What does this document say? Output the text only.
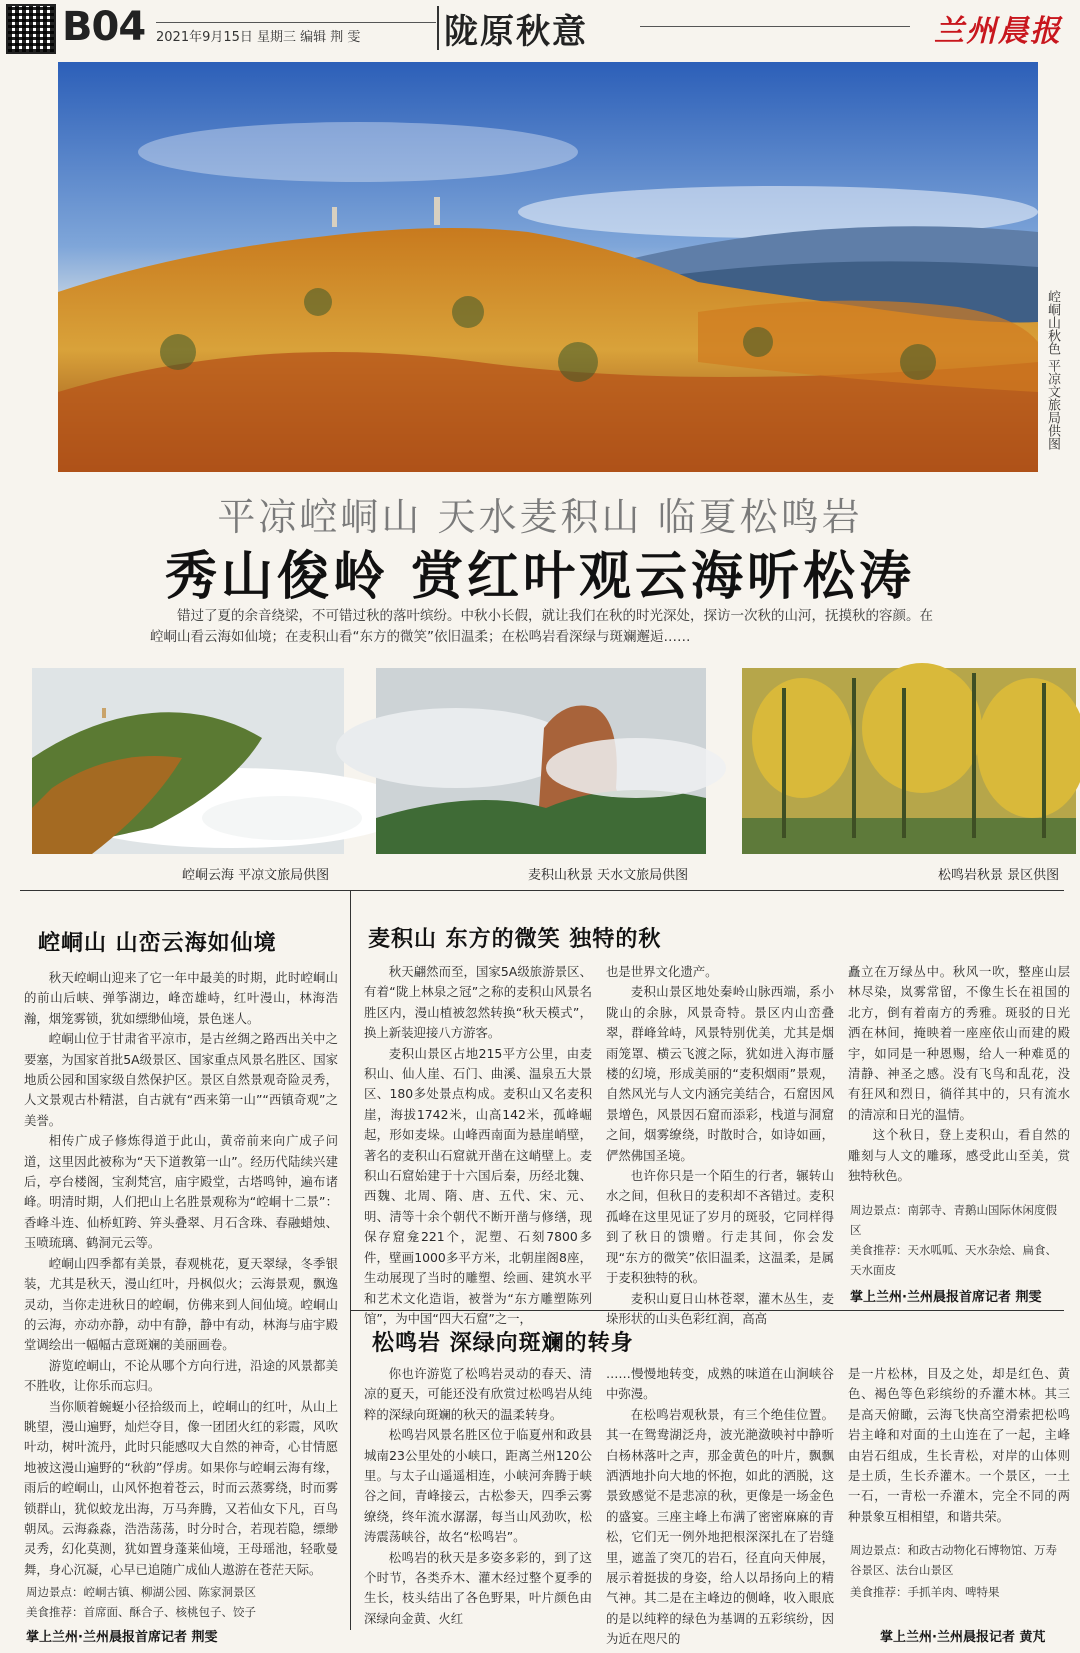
B04 2021年9月15日 星期三 编辑 荆 雯 陇原秋意	兰州晨报
崆峒山秋色 平凉文旅局供图
平凉崆峒山 天水麦积山 临夏松鸣岩
秀山俊岭 赏红叶观云海听松涛
错过了夏的余音绕梁，不可错过秋的落叶缤纷。中秋小长假，就让我们在秋的时光深处，探访一次秋的山河，抚摸秋的容颜。在崆峒山看云海如仙境；在麦积山看“东方的微笑”依旧温柔；在松鸣岩看深绿与斑斓邂逅……
崆峒云海 平凉文旅局供图	麦积山秋景 天水文旅局供图	松鸣岩秋景 景区供图
崆峒山 山峦云海如仙境

秋天崆峒山迎来了它一年中最美的时期，此时崆峒山的前山后峡、弹筝湖边，峰峦雄峙，红叶漫山，林海浩瀚，烟笼雾锁，犹如缥缈仙境，景色迷人。

崆峒山位于甘肃省平凉市，是古丝绸之路西出关中之要塞，为国家首批5A级景区、国家重点风景名胜区、国家地质公园和国家级自然保护区。景区自然景观奇险灵秀，人文景观古朴精湛，自古就有“西来第一山”“西镇奇观”之美誉。

相传广成子修炼得道于此山，黄帝前来向广成子问道，这里因此被称为“天下道教第一山”。经历代陆续兴建后，亭台楼阁，宝刹梵宫，庙宇殿堂，古塔鸣钟，遍布诸峰。明清时期，人们把山上名胜景观称为“崆峒十二景”：香峰斗连、仙桥虹跨、笄头叠翠、月石含珠、春融蜡烛、玉喷琉璃、鹤洞元云等。

崆峒山四季都有美景，春观桃花，夏天翠绿，冬季银装，尤其是秋天，漫山红叶，丹枫似火；云海景观，飘逸灵动，当你走进秋日的崆峒，仿佛来到人间仙境。崆峒山的云海，亦动亦静，动中有静，静中有动，林海与庙宇殿堂调绘出一幅幅古意斑斓的美丽画卷。

游览崆峒山，不论从哪个方向行进，沿途的风景都美不胜收，让你乐而忘归。

当你顺着蜿蜒小径拾级而上，崆峒山的红叶，从山上眺望，漫山遍野，灿烂夺目，像一团团火红的彩霞，风吹叶动，树叶流丹，此时只能感叹大自然的神奇，心甘情愿地被这漫山遍野的“秋韵”俘虏。如果你与崆峒云海有缘，雨后的崆峒山，山风怀抱着苍云，时而云蒸雾绕，时而雾锁群山，犹似蛟龙出海，万马奔腾，又若仙女下凡，百鸟朝凤。云海淼淼，浩浩荡荡，时分时合，若现若隐，缥缈灵秀，幻化莫测，犹如置身蓬莱仙境，王母瑶池，轻歌曼舞，身心沉凝，心早已追随广成仙人遨游在苍茫天际。

周边景点：崆峒古镇、柳湖公园、陈家洞景区
美食推荐：首席面、酥合子、核桃包子、饺子
掌上兰州·兰州晨报首席记者 荆雯
麦积山 东方的微笑 独特的秋

秋天翩然而至，国家5A级旅游景区、有着“陇上林泉之冠”之称的麦积山风景名胜区内，漫山植被忽然转换“秋天模式”，换上新装迎接八方游客。

麦积山景区占地215平方公里，由麦积山、仙人崖、石门、曲溪、温泉五大景区、180多处景点构成。麦积山又名麦积崖，海拔1742米，山高142米，孤峰崛起，形如麦垛。山峰西南面为悬崖峭壁，著名的麦积山石窟就开凿在这峭壁上。麦积山石窟始建于十六国后秦，历经北魏、西魏、北周、隋、唐、五代、宋、元、明、清等十余个朝代不断开凿与修缮，现保存窟龛221个，泥塑、石刻7800多件，壁画1000多平方米，北朝崖阁8座，生动展现了当时的雕塑、绘画、建筑水平和艺术文化造诣，被誉为“东方雕塑陈列馆”，为中国“四大石窟”之一，

也是世界文化遗产。

麦积山景区地处秦岭山脉西端，系小陇山的余脉，风景奇特。景区内山峦叠翠，群峰耸峙，风景特别优美，尤其是烟雨笼罩、横云飞渡之际，犹如进入海市蜃楼的幻境，形成美丽的“麦积烟雨”景观，自然风光与人文内涵完美结合，石窟因风景增色，风景因石窟而添彩，栈道与洞窟之间，烟雾缭绕，时散时合，如诗如画，俨然佛国圣境。

也许你只是一个陌生的行者，辗转山水之间，但秋日的麦积却不吝错过。麦积孤峰在这里见证了岁月的斑驳，它同样得到了秋日的馈赠。行走其间，你会发现“东方的微笑”依旧温柔，这温柔，是属于麦积独特的秋。

麦积山夏日山林苍翠，灌木丛生，麦垛形状的山头色彩红润，高高

矗立在万绿丛中。秋风一吹，整座山层林尽染，岚雾常留，不像生长在祖国的北方，倒有着南方的秀雅。斑驳的日光洒在林间，掩映着一座座依山而建的殿宇，如同是一种恩赐，给人一种难觅的清静、神圣之感。没有飞鸟和乱花，没有狂风和烈日，徜徉其中的，只有流水的清凉和日光的温情。

这个秋日，登上麦积山，看自然的雕刻与人文的雕琢，感受此山至美，赏独特秋色。

周边景点：南郭寺、青鹅山国际休闲度假区
美食推荐：天水呱呱、天水杂烩、扁食、天水面皮
掌上兰州·兰州晨报首席记者 荆雯
松鸣岩 深绿向斑斓的转身

你也许游览了松鸣岩灵动的春天、清凉的夏天，可能还没有欣赏过松鸣岩从纯粹的深绿向斑斓的秋天的温柔转身。

松鸣岩风景名胜区位于临夏州和政县城南23公里处的小峡口，距离兰州120公里。与太子山遥遥相连，小峡河奔腾于峡谷之间，青峰接云，古松参天，四季云雾缭绕，终年流水潺潺，每当山风劲吹，松涛震荡峡谷，故名“松鸣岩”。

松鸣岩的秋天是多姿多彩的，到了这个时节，各类乔木、灌木经过整个夏季的生长，枝头结出了各色野果，叶片颜色由深绿向金黄、火红

……慢慢地转变，成熟的味道在山涧峡谷中弥漫。

在松鸣岩观秋景，有三个绝佳位置。其一在鸳鸯湖泛舟，波光滟潋映衬中静听白杨林落叶之声，那金黄色的叶片，飘飘洒洒地扑向大地的怀抱，如此的洒脱，这景致感觉不是悲凉的秋，更像是一场金色的盛宴。三座主峰上布满了密密麻麻的青松，它们无一例外地把根深深扎在了岩缝里，遮盖了突兀的岩石，径直向天伸展，展示着挺拔的身姿，给人以昂扬向上的精气神。其二是在主峰边的侧峰，收入眼底的是以纯粹的绿色为基调的五彩缤纷，因为近在咫尺的

是一片松林，目及之处，却是红色、黄色、褐色等色彩缤纷的乔灌木林。其三是高天俯瞰，云海飞快高空滑索把松鸣岩主峰和对面的土山连在了一起，主峰由岩石组成，生长青松，对岸的山体则是土质，生长乔灌木。一个景区，一土一石，一青松一乔灌木，完全不同的两种景象互相相望，和谐共荣。

周边景点：和政古动物化石博物馆、万寿谷景区、法台山景区
美食推荐：手抓羊肉、啤特果
掌上兰州·兰州晨报记者 黄芃
